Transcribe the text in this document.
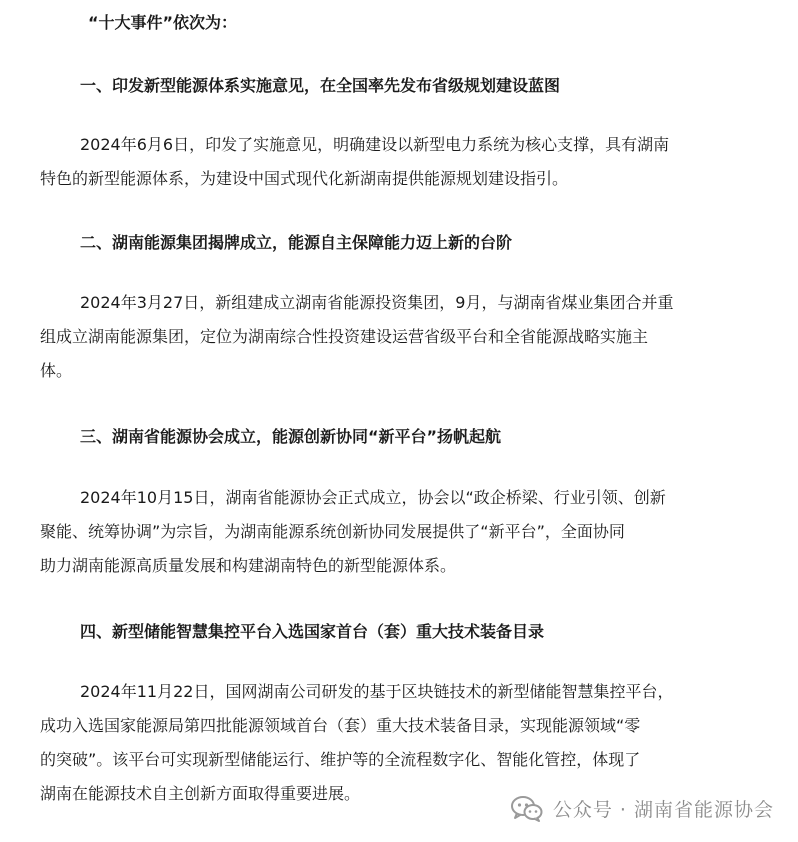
“十大事件”依次为：

一、印发新型能源体系实施意见，在全国率先发布省级规划建设蓝图

2024年6月6日，印发了实施意见，明确建设以新型电力系统为核心支撑，具有湖南
特色的新型能源体系，为建设中国式现代化新湖南提供能源规划建设指引。

二、湖南能源集团揭牌成立，能源自主保障能力迈上新的台阶

2024年3月27日，新组建成立湖南省能源投资集团，9月，与湖南省煤业集团合并重
组成立湖南能源集团，定位为湖南综合性投资建设运营省级平台和全省能源战略实施主
体。

三、湖南省能源协会成立，能源创新协同“新平台”扬帆起航

2024年10月15日，湖南省能源协会正式成立，协会以“政企桥梁、行业引领、创新
聚能、统筹协调”为宗旨，为湖南能源系统创新协同发展提供了“新平台”，全面协同
助力湖南能源高质量发展和构建湖南特色的新型能源体系。

四、新型储能智慧集控平台入选国家首台（套）重大技术装备目录

2024年11月22日，国网湖南公司研发的基于区块链技术的新型储能智慧集控平台，
成功入选国家能源局第四批能源领域首台（套）重大技术装备目录，实现能源领域“零
的突破”。该平台可实现新型储能运行、维护等的全流程数字化、智能化管控，体现了
湖南在能源技术自主创新方面取得重要进展。

公众号 · 湖南省能源协会
